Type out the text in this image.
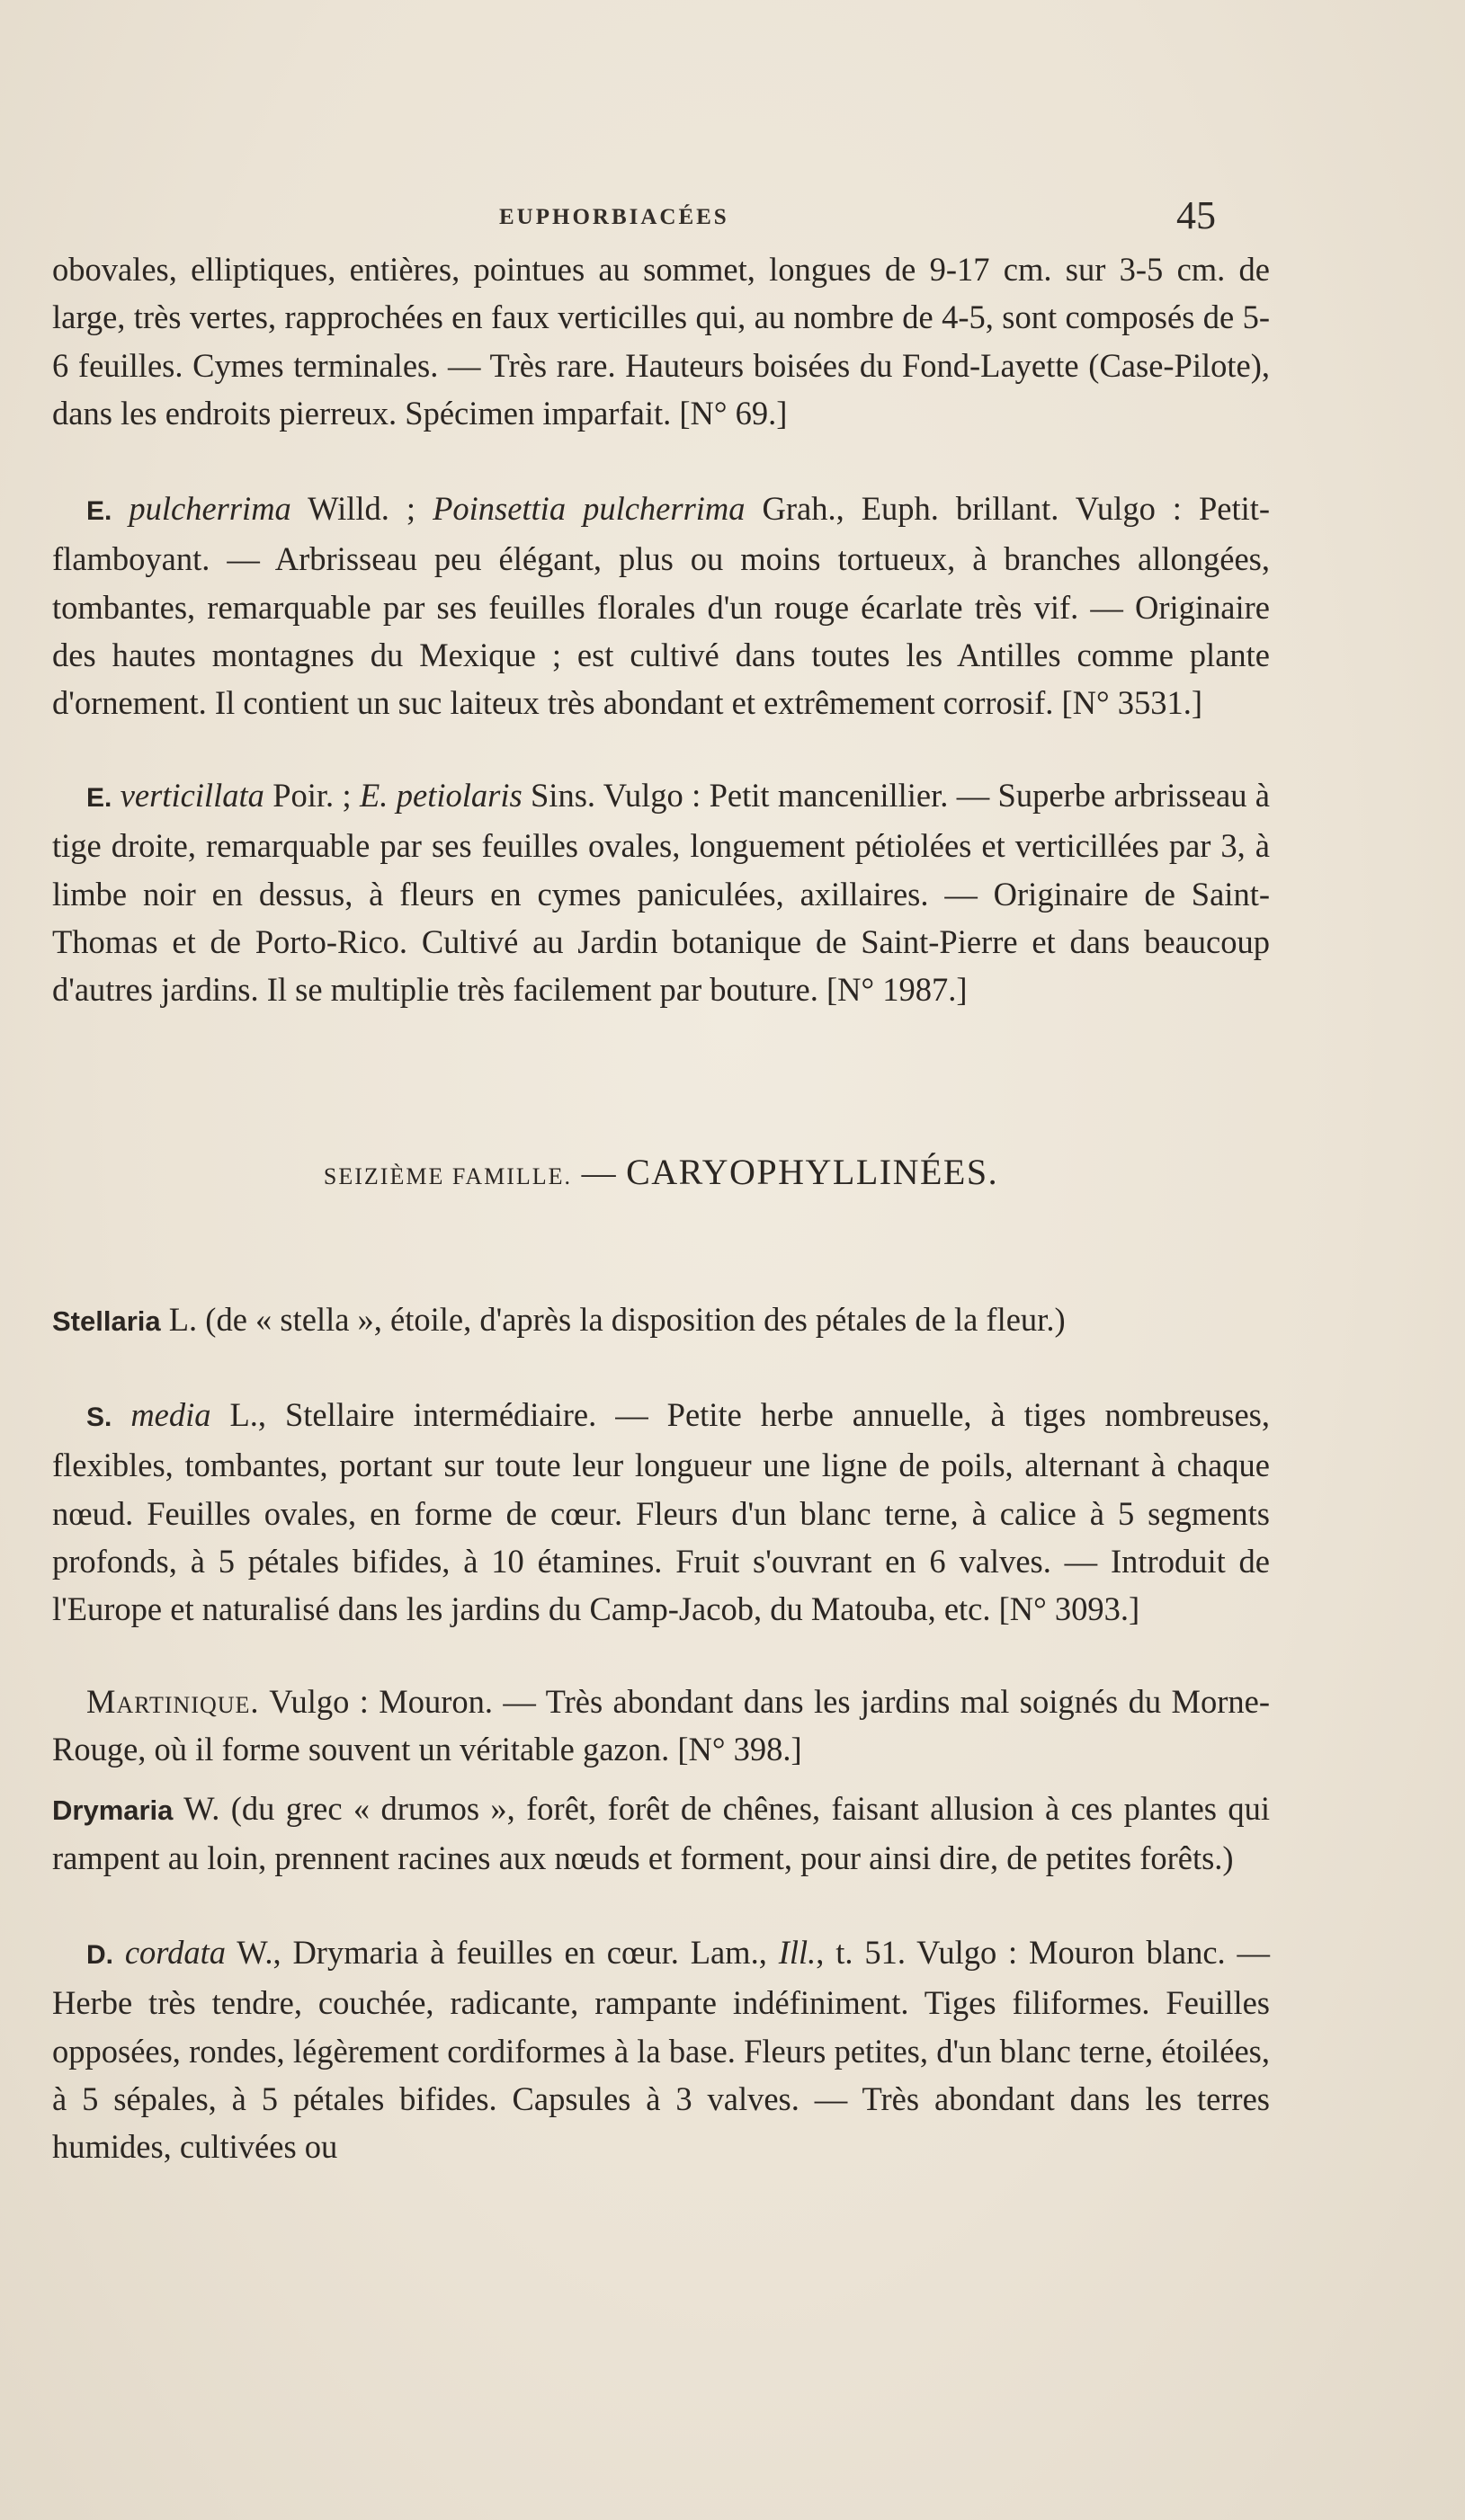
EUPHORBIACÉES	45

obovales, elliptiques, entières, pointues au sommet, longues de 9-17 cm. sur 3-5 cm. de large, très vertes, rapprochées en faux verticilles qui, au nombre de 4-5, sont composés de 5-6 feuilles. Cymes terminales. — Très rare. Hauteurs boisées du Fond-Layette (Case-Pilote), dans les endroits pierreux. Spécimen imparfait. [N° 69.]

E. pulcherrima Willd. ; Poinsettia pulcherrima Grah., Euph. brillant. Vulgo : Petit-flamboyant. — Arbrisseau peu élégant, plus ou moins tortueux, à branches allongées, tombantes, remarquable par ses feuilles florales d'un rouge écarlate très vif. — Originaire des hautes montagnes du Mexique ; est cultivé dans toutes les Antilles comme plante d'ornement. Il contient un suc laiteux très abondant et extrêmement corrosif. [N° 3531.]

E. verticillata Poir. ; E. petiolaris Sins. Vulgo : Petit mancenillier. — Superbe arbrisseau à tige droite, remarquable par ses feuilles ovales, longuement pétiolées et verticillées par 3, à limbe noir en dessus, à fleurs en cymes paniculées, axillaires. — Originaire de Saint-Thomas et de Porto-Rico. Cultivé au Jardin botanique de Saint-Pierre et dans beaucoup d'autres jardins. Il se multiplie très facilement par bouture. [N° 1987.]

SEIZIÈME FAMILLE. — CARYOPHYLLINÉES.

Stellaria L. (de « stella », étoile, d'après la disposition des pétales de la fleur.)

S. media L., Stellaire intermédiaire. — Petite herbe annuelle, à tiges nombreuses, flexibles, tombantes, portant sur toute leur longueur une ligne de poils, alternant à chaque nœud. Feuilles ovales, en forme de cœur. Fleurs d'un blanc terne, à calice à 5 segments profonds, à 5 pétales bifides, à 10 étamines. Fruit s'ouvrant en 6 valves. — Introduit de l'Europe et naturalisé dans les jardins du Camp-Jacob, du Matouba, etc. [N° 3093.]

Martinique. Vulgo : Mouron. — Très abondant dans les jardins mal soignés du Morne-Rouge, où il forme souvent un véritable gazon. [N° 398.]

Drymaria W. (du grec « drumos », forêt, forêt de chênes, faisant allusion à ces plantes qui rampent au loin, prennent racines aux nœuds et forment, pour ainsi dire, de petites forêts.)

D. cordata W., Drymaria à feuilles en cœur. Lam., Ill., t. 51. Vulgo : Mouron blanc. — Herbe très tendre, couchée, radicante, rampante indéfiniment. Tiges filiformes. Feuilles opposées, rondes, légèrement cordiformes à la base. Fleurs petites, d'un blanc terne, étoilées, à 5 sépales, à 5 pétales bifides. Capsules à 3 valves. — Très abondant dans les terres humides, cultivées ou
